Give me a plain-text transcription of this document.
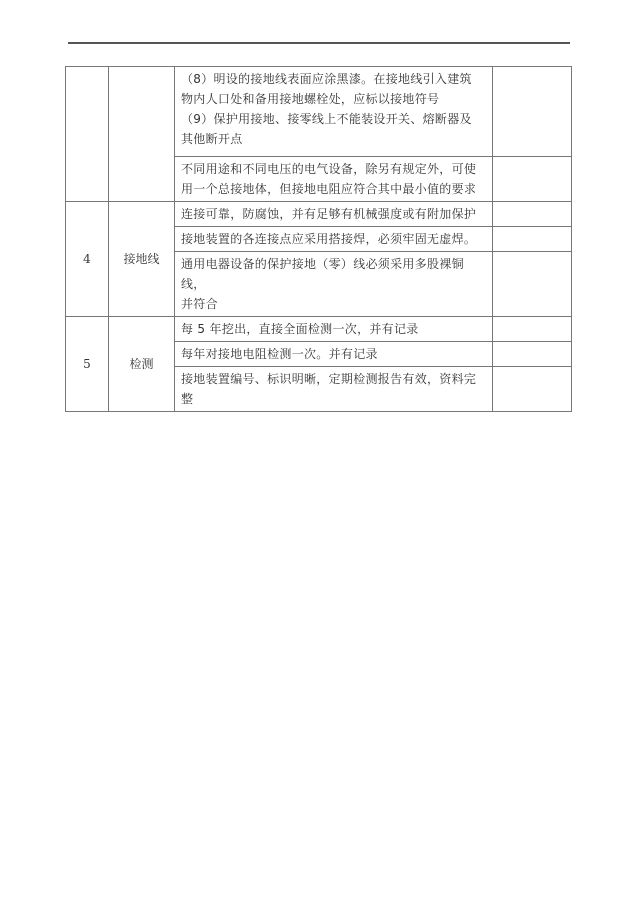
		（8）明设的接地线表面应涂黑漆。在接地线引入建筑
物内人口处和备用接地螺栓处，应标以接地符号
（9）保护用接地、接零线上不能装设开关、熔断器及
其他断开点	

		不同用途和不同电压的电气设备，除另有规定外，可使
用一个总接地体，但接地电阻应符合其中最小值的要求	

4	接地线	连接可靠，防腐蚀，并有足够有机械强度或有附加保护	

		接地装置的各连接点应采用搭接焊，必须牢固无虚焊。	

		通用电器设备的保护接地（零）线必须采用多股裸铜线，
并符合	

5	检测	每 5 年挖出，直接全面检测一次，并有记录	

		每年对接地电阻检测一次。并有记录	

		接地装置编号、标识明晰，定期检测报告有效，资料完
整	
